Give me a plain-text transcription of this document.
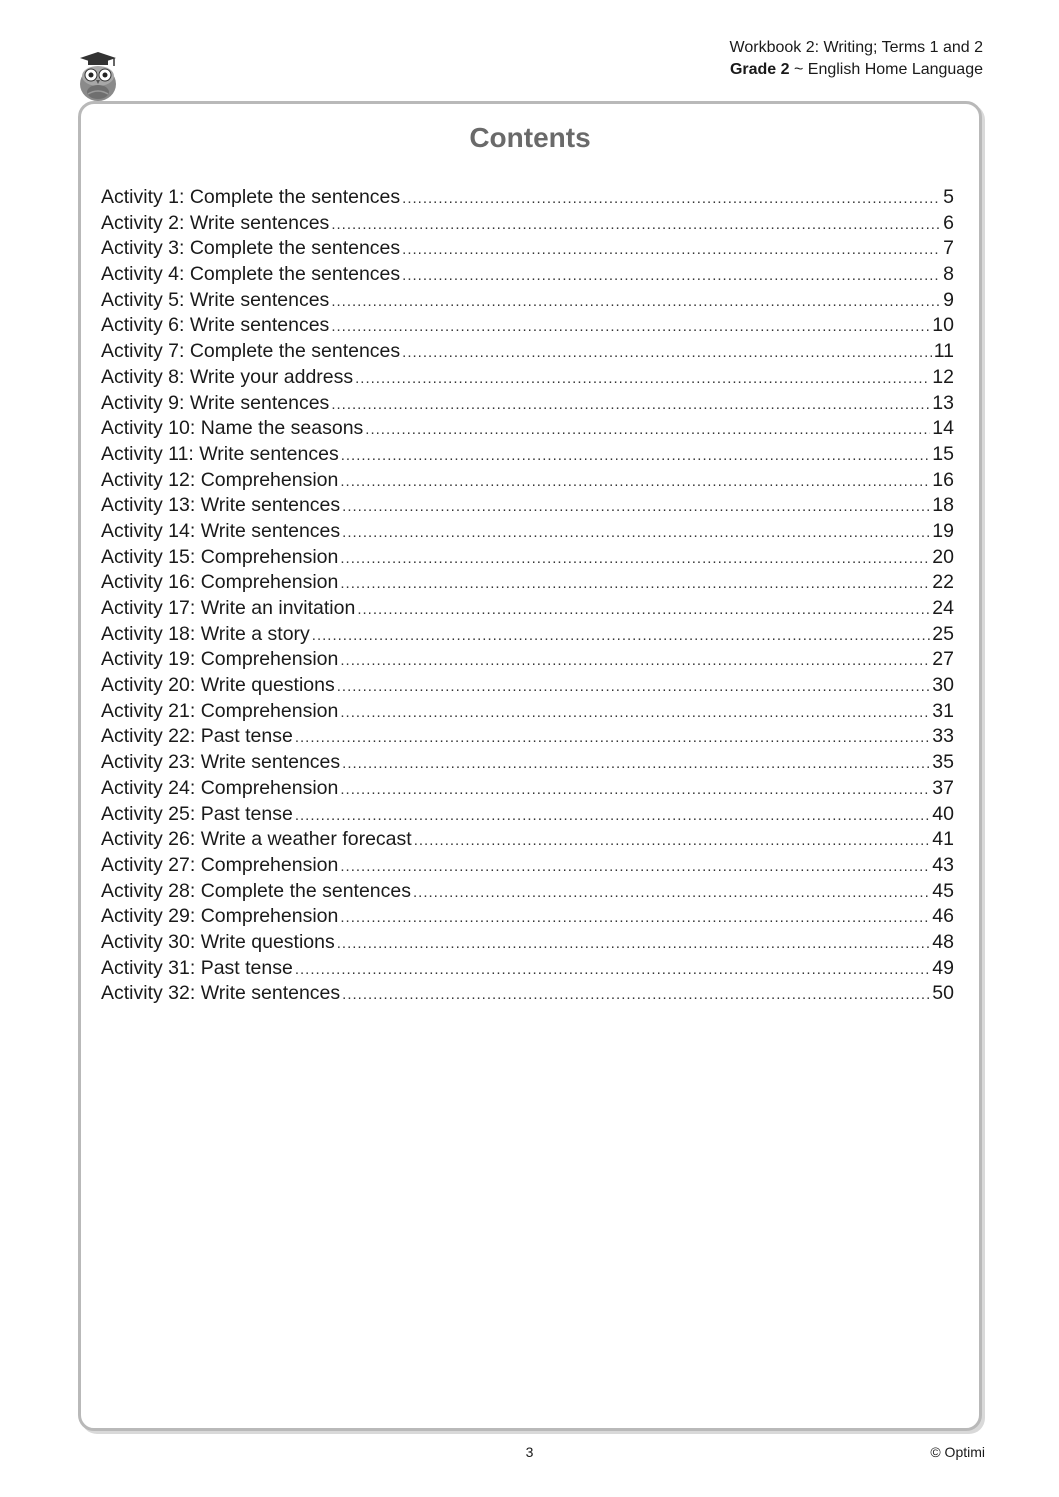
Workbook 2: Writing; Terms 1 and 2
Grade 2 ~ English Home Language
Contents
Activity 1: Complete the sentences .....	5
Activity 2: Write sentences .....	6
Activity 3: Complete the sentences .....	7
Activity 4: Complete the sentences .....	8
Activity 5: Write sentences .....	9
Activity 6: Write sentences .....	10
Activity 7: Complete the sentences .....	11
Activity 8: Write your address .....	12
Activity 9: Write sentences .....	13
Activity 10: Name the seasons .....	14
Activity 11: Write sentences .....	15
Activity 12: Comprehension .....	16
Activity 13: Write sentences .....	18
Activity 14: Write sentences .....	19
Activity 15: Comprehension .....	20
Activity 16: Comprehension .....	22
Activity 17: Write an invitation .....	24
Activity 18: Write a story .....	25
Activity 19: Comprehension .....	27
Activity 20: Write questions .....	30
Activity 21: Comprehension .....	31
Activity 22: Past tense .....	33
Activity 23: Write sentences .....	35
Activity 24: Comprehension .....	37
Activity 25: Past tense .....	40
Activity 26: Write a weather forecast .....	41
Activity 27: Comprehension .....	43
Activity 28: Complete the sentences .....	45
Activity 29: Comprehension .....	46
Activity 30: Write questions .....	48
Activity 31: Past tense .....	49
Activity 32: Write sentences .....	50
3	© Optimi
